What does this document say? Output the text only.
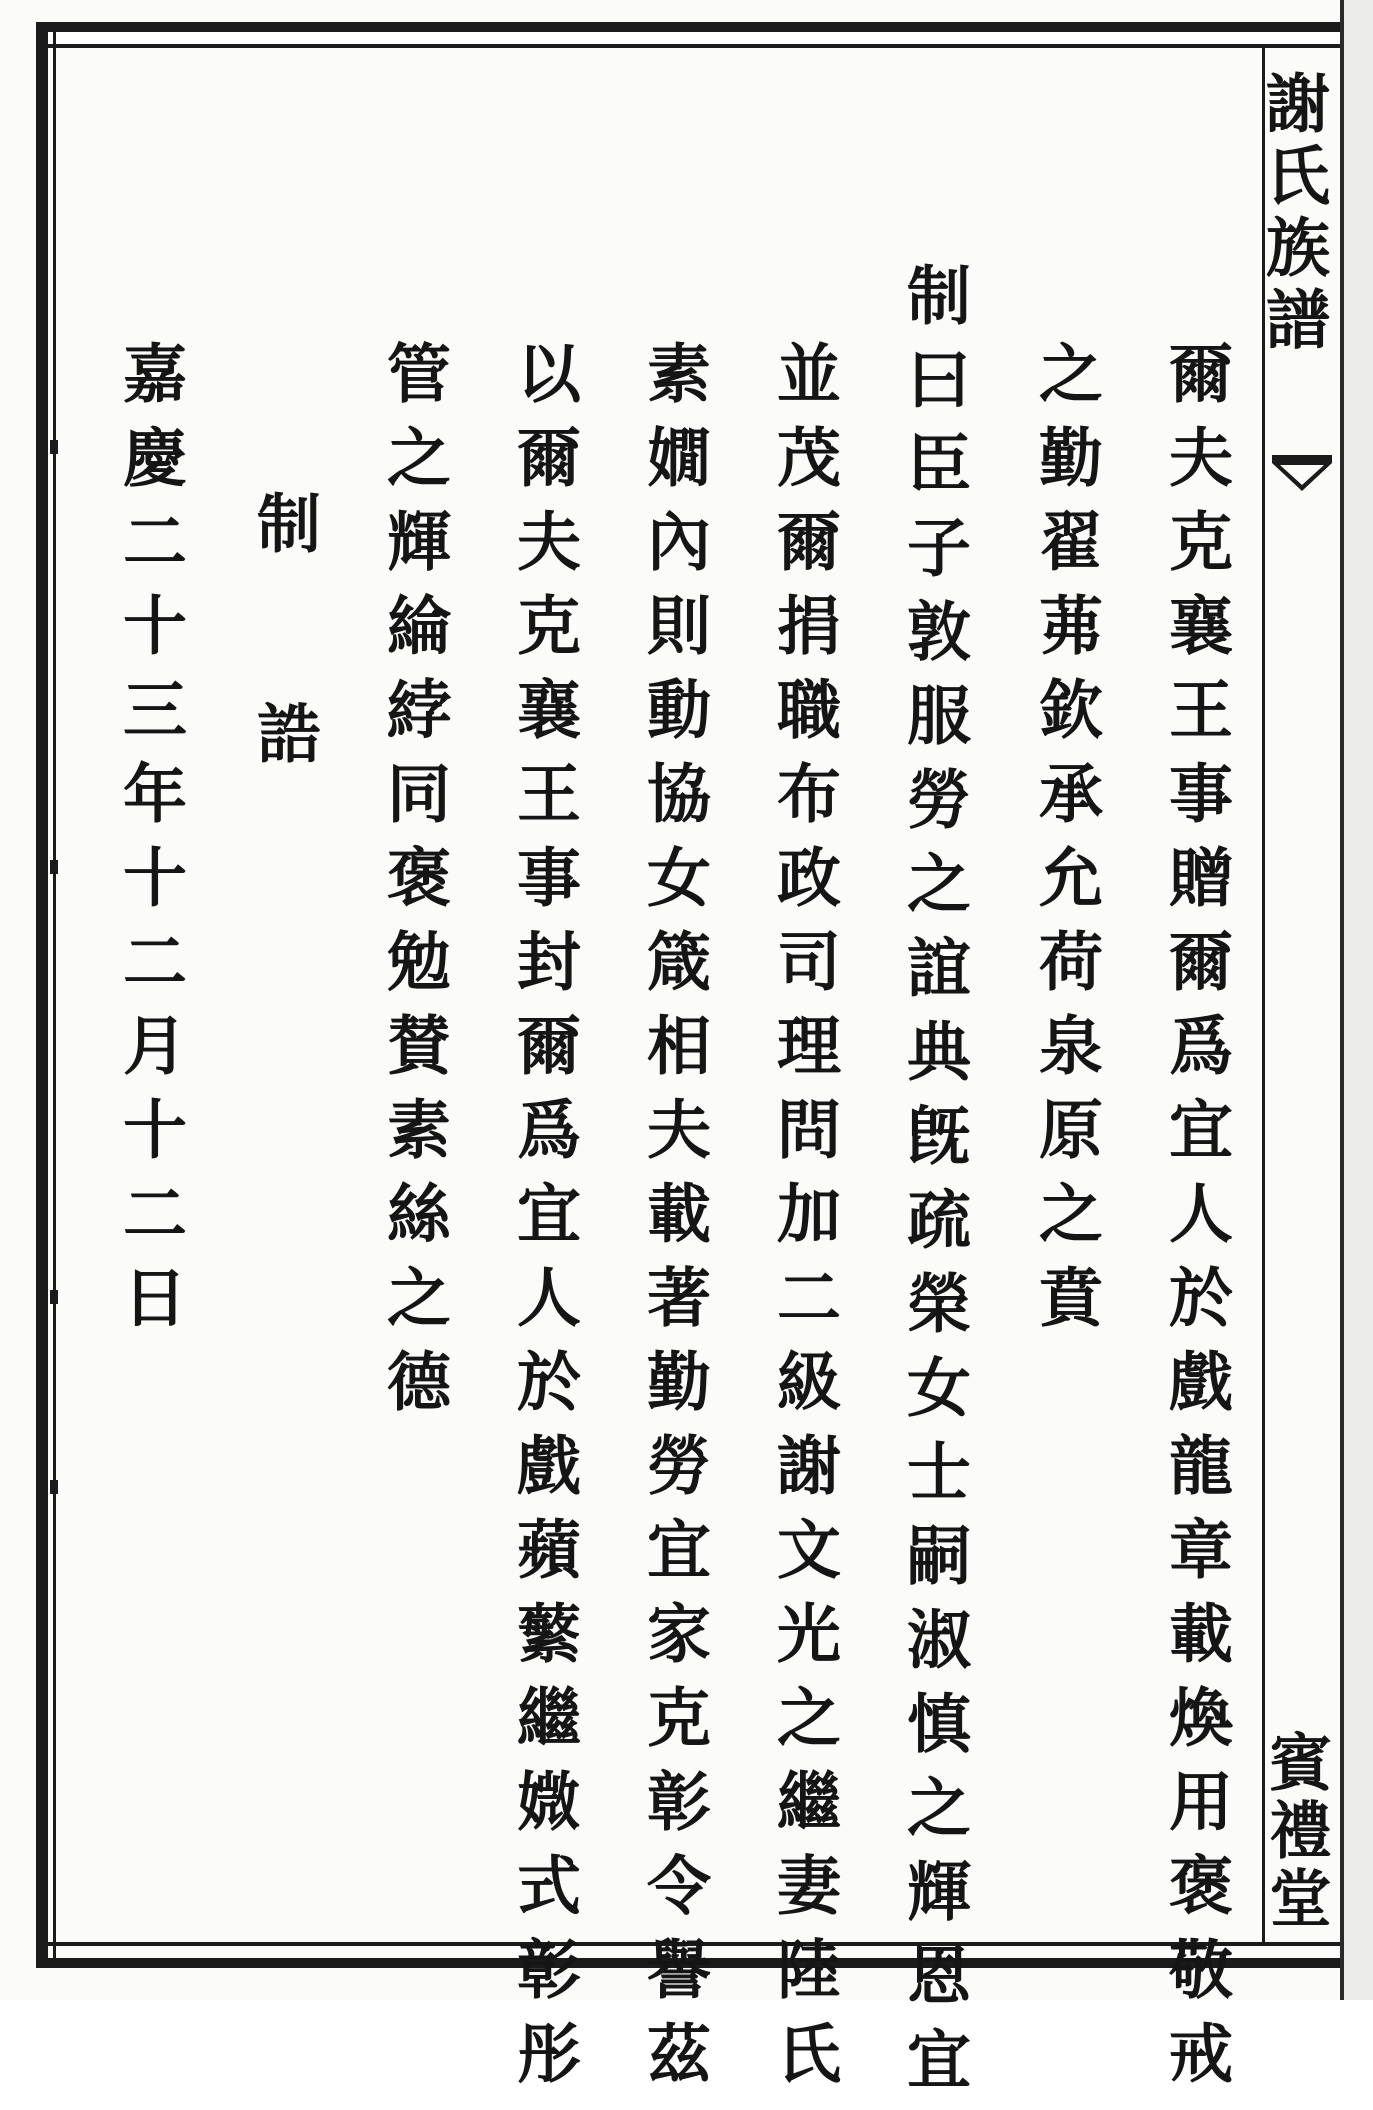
謝氏族譜
賓禮堂
爾夫克襄王事贈爾爲宜人於戲龍章載煥用褒敬戒
之勤翟茀欽承允荷泉原之賁
制曰臣子敦服勞之誼典旣疏榮女士嗣淑慎之輝恩宜
並茂爾捐職布政司理問加二級謝文光之繼妻陸氏
素嫺內則動協女箴相夫載著勤勞宜家克彰令譽茲
以爾夫克襄王事封爾爲宜人於戲蘋蘩繼媺式彰彤
管之輝綸綍同褒勉賛素絲之德
制
誥
嘉慶二十三年十二月十二日
